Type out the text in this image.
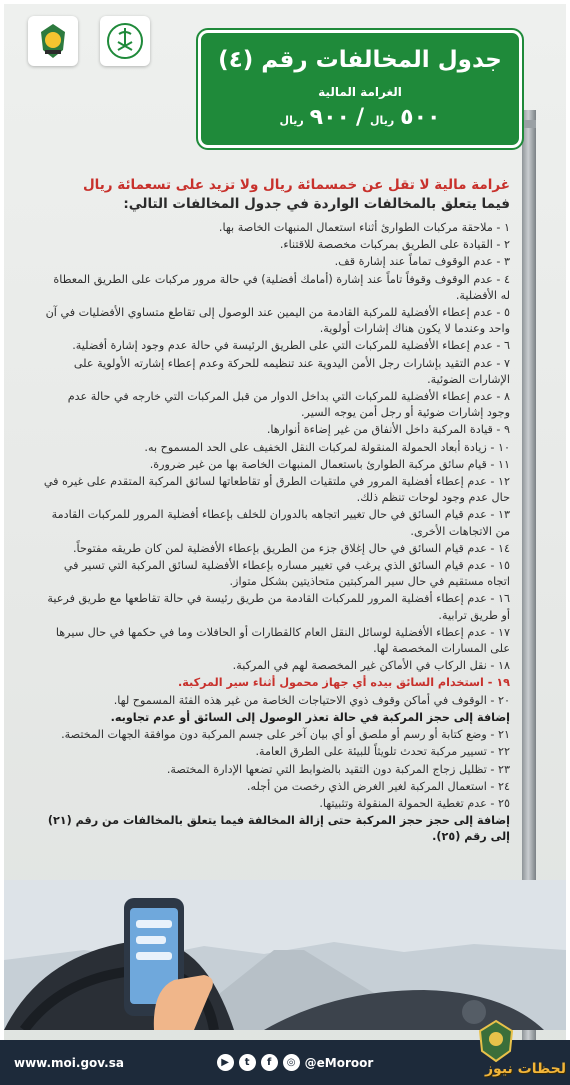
جدول المخالفات رقم (٤)
الغرامة المالية
ريال ٩٠٠ / ريال ٥٠٠
غرامة مالية لا تقل عن خمسمائة ريال ولا تزيد على تسعمائة ريال
فيما يتعلق بالمخالفات الواردة في جدول المخالفات التالي:
١ - ملاحقة مركبات الطوارئ أثناء استعمال المنبهات الخاصة بها.
٢ - القيادة على الطريق بمركبات مخصصة للاقتناء.
٣ - عدم الوقوف تماماً عند إشارة قف.
٤ - عدم الوقوف وقوفاً تاماً عند إشارة (أمامك أفضلية) في حالة مرور مركبات على الطريق المعطاة له الأفضلية.
٥ - عدم إعطاء الأفضلية للمركبة القادمة من اليمين عند الوصول إلى تقاطع متساوي الأفضليات في آن واحد وعندما لا يكون هناك إشارات أولوية.
٦ - عدم إعطاء الأفضلية للمركبات التي على الطريق الرئيسة في حالة عدم وجود إشارة أفضلية.
٧ - عدم التقيد بإشارات رجل الأمن اليدوية عند تنظيمه للحركة وعدم إعطاء إشارته الأولوية على الإشارات الضوئية.
٨ - عدم إعطاء الأفضلية للمركبات التي بداخل الدوار من قبل المركبات التي خارجه في حالة عدم وجود إشارات ضوئية أو رجل أمن يوجه السير.
٩ - قيادة المركبة داخل الأنفاق من غير إضاءة أنوارها.
١٠ - زيادة أبعاد الحمولة المنقولة لمركبات النقل الخفيف على الحد المسموح به.
١١ - قيام سائق مركبة الطوارئ باستعمال المنبهات الخاصة بها من غير ضرورة.
١٢ - عدم إعطاء أفضلية المرور في ملتقيات الطرق أو تقاطعاتها لسائق المركبة المتقدم على غيره في حال عدم وجود لوحات تنظم ذلك.
١٣ - عدم قيام السائق في حال تغيير اتجاهه بالدوران للخلف بإعطاء أفضلية المرور للمركبات القادمة من الاتجاهات الأخرى.
١٤ - عدم قيام السائق في حال إغلاق جزء من الطريق بإعطاء الأفضلية لمن كان طريقه مفتوحاً.
١٥ - عدم قيام السائق الذي يرغب في تغيير مساره بإعطاء الأفضلية لسائق المركبة التي تسير في اتجاه مستقيم في حال سير المركبتين متحاذيتين بشكل متواز.
١٦ - عدم إعطاء أفضلية المرور للمركبات القادمة من طريق رئيسة في حالة تقاطعها مع طريق فرعية أو طريق ترابية.
١٧ - عدم إعطاء الأفضلية لوسائل النقل العام كالقطارات أو الحافلات وما في حكمها في حال سيرها على المسارات المخصصة لها.
١٨ - نقل الركاب في الأماكن غير المخصصة لهم في المركبة.
١٩ - استخدام السائق بيده أي جهاز محمول أثناء سير المركبة.
٢٠ - الوقوف في أماكن وقوف ذوي الاحتياجات الخاصة من غير هذه الفئة المسموح لها.
إضافة إلى حجز المركبة في حالة تعذر الوصول إلى السائق أو عدم تجاوبه.
٢١ - وضع كتابة أو رسم أو ملصق أو أي بيان آخر على جسم المركبة دون موافقة الجهات المختصة.
٢٢ - تسيير مركبة تحدث تلويثاً للبيئة على الطرق العامة.
٢٣ - تظليل زجاج المركبة دون التقيد بالضوابط التي تضعها الإدارة المختصة.
٢٤ - استعمال المركبة لغير الغرض الذي رخصت من أجله.
٢٥ - عدم تغطية الحمولة المنقولة وتثبيتها.
إضافة إلى حجز حجز المركبة حتى إزالة المخالفة فيما يتعلق بالمخالفات من رقم (٢١) إلى رقم (٢٥).
www.moi.gov.sa	▶	t	f	◎ @eMoroor	لحظات نيوز
